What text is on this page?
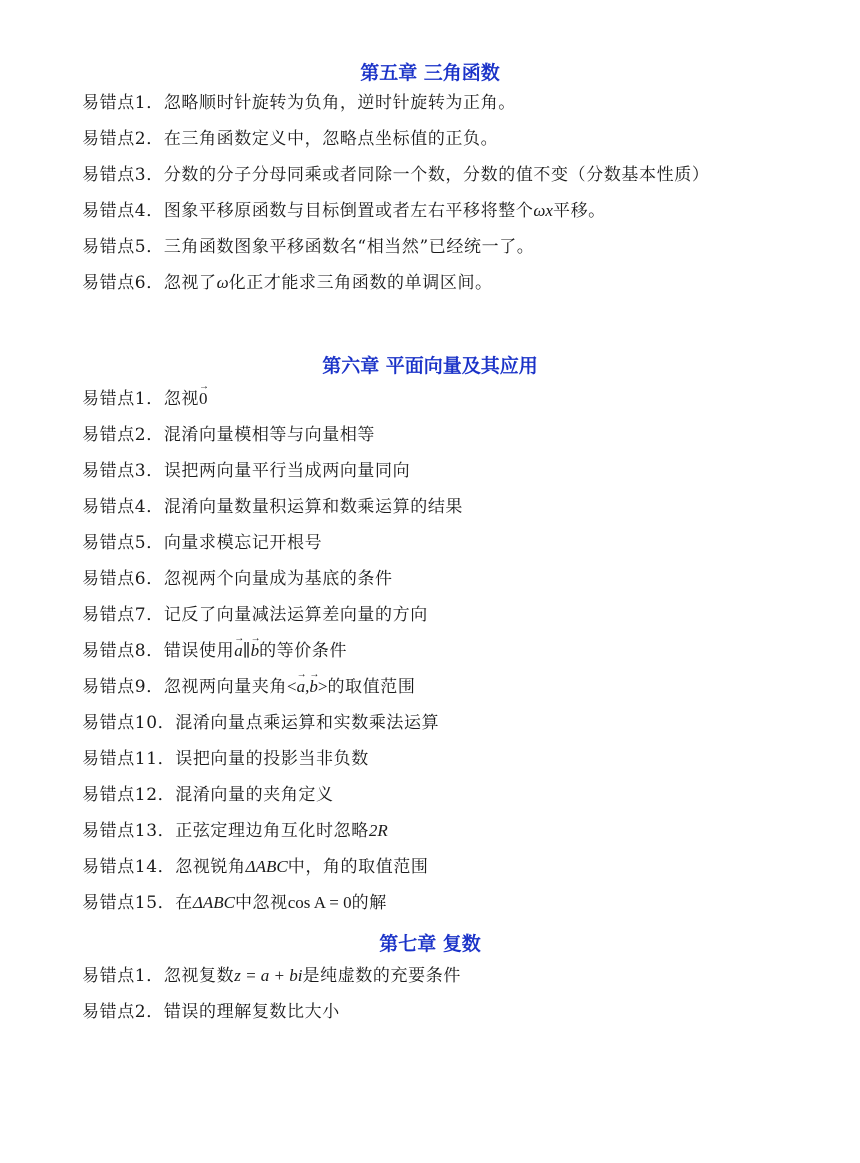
第五章 三角函数
易错点1．忽略顺时针旋转为负角，逆时针旋转为正角。
易错点2．在三角函数定义中，忽略点坐标值的正负。
易错点3．分数的分子分母同乘或者同除一个数，分数的值不变（分数基本性质）
易错点4．图象平移原函数与目标倒置或者左右平移将整个ωx平移。
易错点5．三角函数图象平移函数名“相当然”已经统一了。
易错点6．忽视了ω化正才能求三角函数的单调区间。
第六章 平面向量及其应用
易错点1．忽视→ 0
易错点2．混淆向量模相等与向量相等
易错点3．误把两向量平行当成两向量同向
易错点4．混淆向量数量积运算和数乘运算的结果
易错点5．向量求模忘记开根号
易错点6．忽视两个向量成为基底的条件
易错点7．记反了向量减法运算差向量的方向
易错点8．错误使用→ a∥→ b的等价条件
易错点9．忽视两向量夹角<→ a,→ b>的取值范围
易错点10．混淆向量点乘运算和实数乘法运算
易错点11．误把向量的投影当非负数
易错点12．混淆向量的夹角定义
易错点13．正弦定理边角互化时忽略2R
易错点14．忽视锐角ΔABC中，角的取值范围
易错点15．在ΔABC中忽视cos A = 0的解
第七章 复数
易错点1．忽视复数z = a + bi是纯虚数的充要条件
易错点2．错误的理解复数比大小
